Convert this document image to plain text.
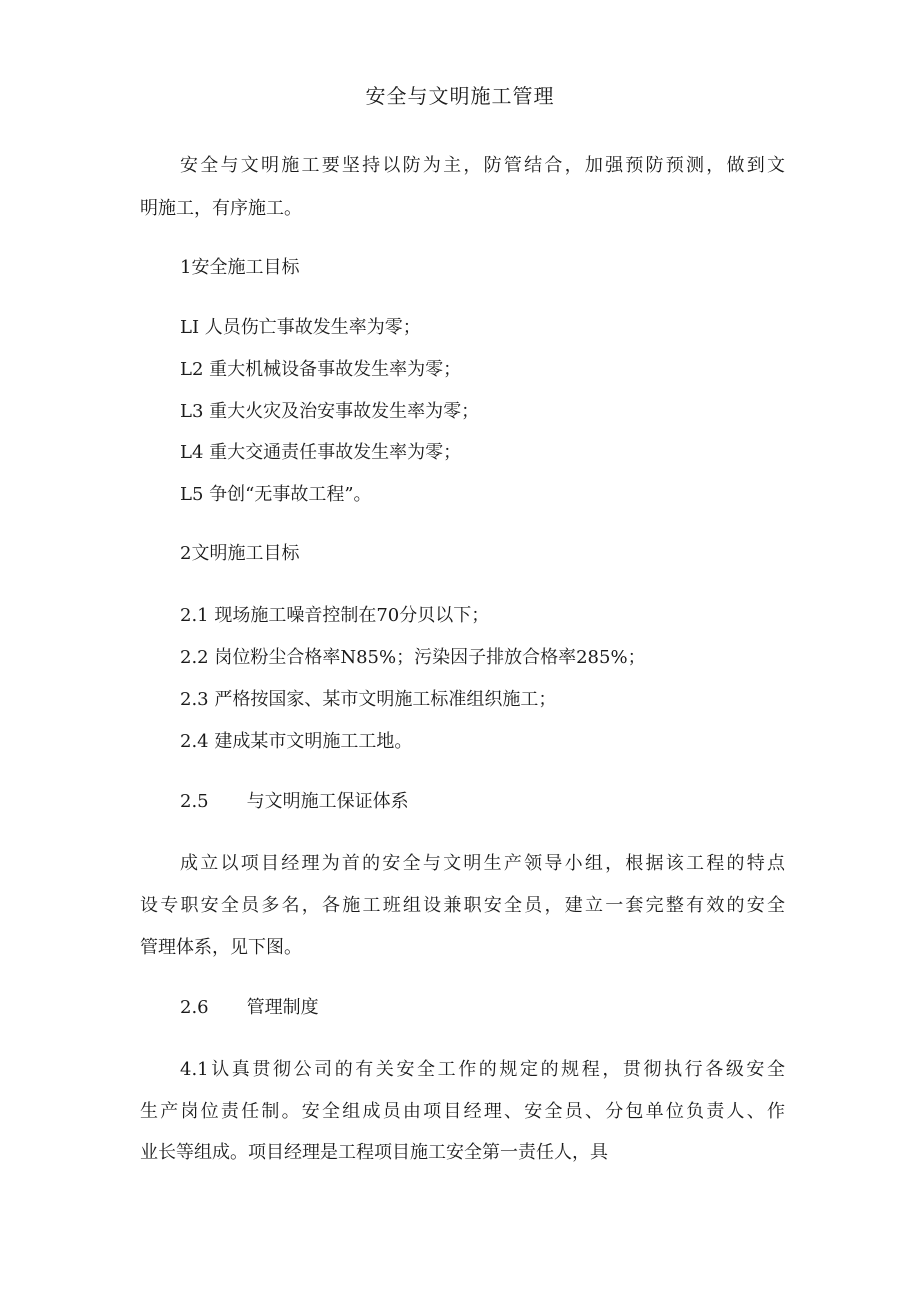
安全与文明施工管理
安全与文明施工要坚持以防为主，防管结合，加强预防预测，做到文
明施工，有序施工。
1安全施工目标
LI 人员伤亡事故发生率为零；
L2 重大机械设备事故发生率为零；
L3 重大火灾及治安事故发生率为零；
L4 重大交通责任事故发生率为零；
L5 争创“无事故工程”。
2文明施工目标
2.1 现场施工噪音控制在70分贝以下；
2.2 岗位粉尘合格率N85%；污染因子排放合格率285%；
2.3 严格按国家、某市文明施工标准组织施工；
2.4 建成某市文明施工工地。
2.5 与文明施工保证体系
成立以项目经理为首的安全与文明生产领导小组，根据该工程的特点
设专职安全员多名，各施工班组设兼职安全员，建立一套完整有效的安全
管理体系，见下图。
2.6 管理制度
4.1认真贯彻公司的有关安全工作的规定的规程，贯彻执行各级安全
生产岗位责任制。安全组成员由项目经理、安全员、分包单位负责人、作
业长等组成。项目经理是工程项目施工安全第一责任人，具
